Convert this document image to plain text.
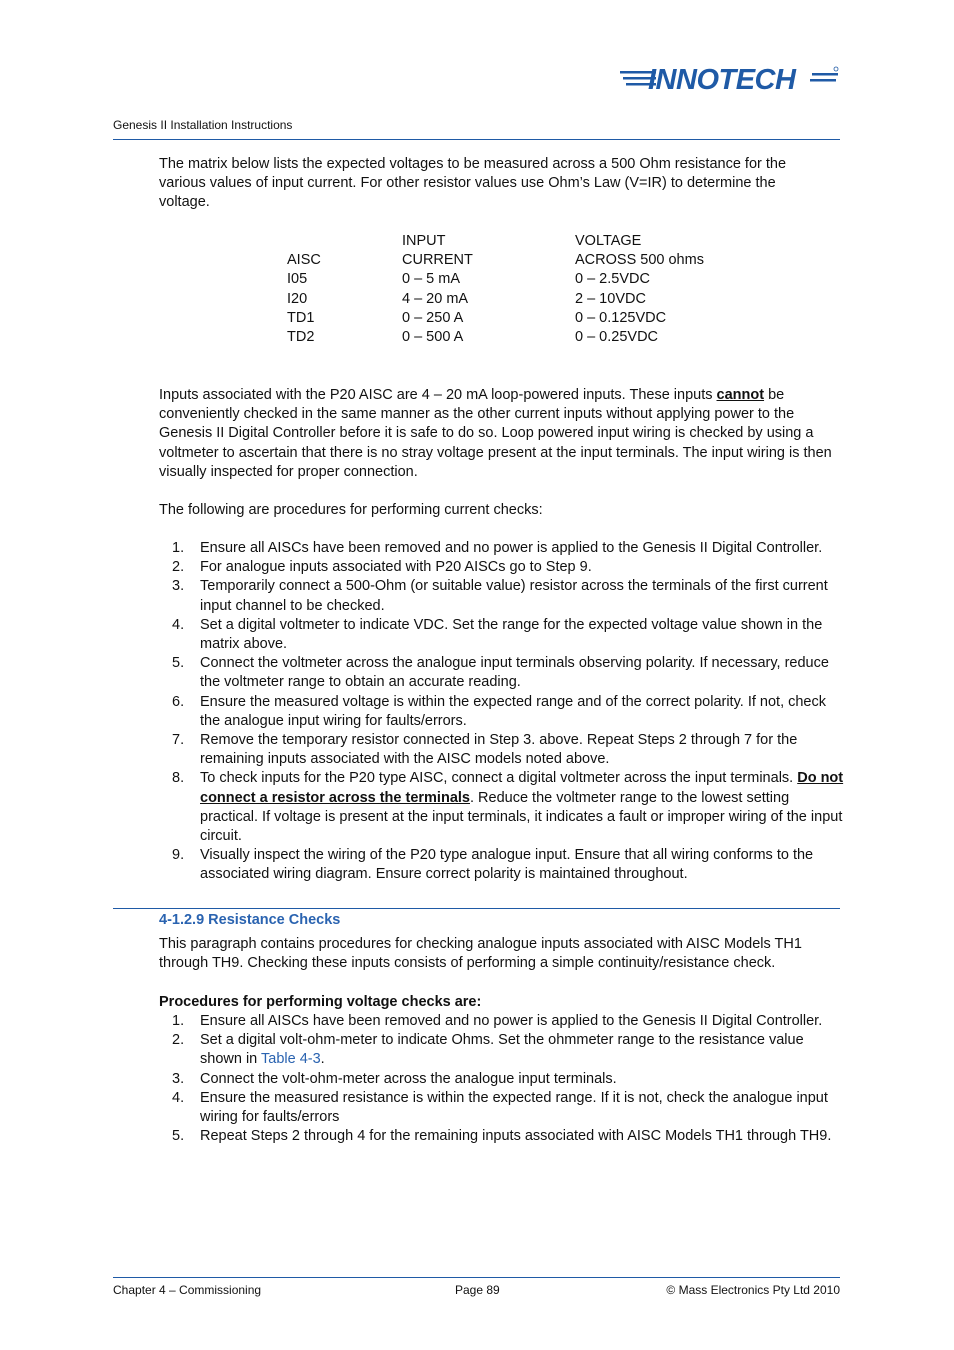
INNOTECH
Genesis II Installation Instructions
The matrix below lists the expected voltages to be measured across a 500 Ohm resistance for the various values of input current. For other resistor values use Ohm’s Law (V=IR) to determine the voltage.
	INPUT	VOLTAGE
AISC	CURRENT	ACROSS 500 ohms
I05	0 – 5 mA	0 – 2.5VDC
I20	4 – 20 mA	2 – 10VDC
TD1	0 – 250 A	0 – 0.125VDC
TD2	0 – 500 A	0 – 0.25VDC
Inputs associated with the P20 AISC are 4 – 20 mA loop-powered inputs. These inputs cannot be conveniently checked in the same manner as the other current inputs without applying power to the Genesis II Digital Controller before it is safe to do so. Loop powered input wiring is checked by using a voltmeter to ascertain that there is no stray voltage present at the input terminals. The input wiring is then visually inspected for proper connection.
The following are procedures for performing current checks:
1. Ensure all AISCs have been removed and no power is applied to the Genesis II Digital Controller.
2. For analogue inputs associated with P20 AISCs go to Step 9.
3. Temporarily connect a 500-Ohm (or suitable value) resistor across the terminals of the first current input channel to be checked.
4. Set a digital voltmeter to indicate VDC. Set the range for the expected voltage value shown in the matrix above.
5. Connect the voltmeter across the analogue input terminals observing polarity. If necessary, reduce the voltmeter range to obtain an accurate reading.
6. Ensure the measured voltage is within the expected range and of the correct polarity. If not, check the analogue input wiring for faults/errors.
7. Remove the temporary resistor connected in Step 3. above. Repeat Steps 2 through 7 for the remaining inputs associated with the AISC models noted above.
8. To check inputs for the P20 type AISC, connect a digital voltmeter across the input terminals. Do not connect a resistor across the terminals. Reduce the voltmeter range to the lowest setting practical. If voltage is present at the input terminals, it indicates a fault or improper wiring of the input circuit.
9. Visually inspect the wiring of the P20 type analogue input. Ensure that all wiring conforms to the associated wiring diagram. Ensure correct polarity is maintained throughout.
4-1.2.9 Resistance Checks
This paragraph contains procedures for checking analogue inputs associated with AISC Models TH1 through TH9. Checking these inputs consists of performing a simple continuity/resistance check.
Procedures for performing voltage checks are:
1. Ensure all AISCs have been removed and no power is applied to the Genesis II Digital Controller.
2. Set a digital volt-ohm-meter to indicate Ohms. Set the ohmmeter range to the resistance value shown in Table 4-3.
3. Connect the volt-ohm-meter across the analogue input terminals.
4. Ensure the measured resistance is within the expected range. If it is not, check the analogue input wiring for faults/errors
5. Repeat Steps 2 through 4 for the remaining inputs associated with AISC Models TH1 through TH9.
Chapter 4 – Commissioning	Page 89	© Mass Electronics Pty Ltd 2010
